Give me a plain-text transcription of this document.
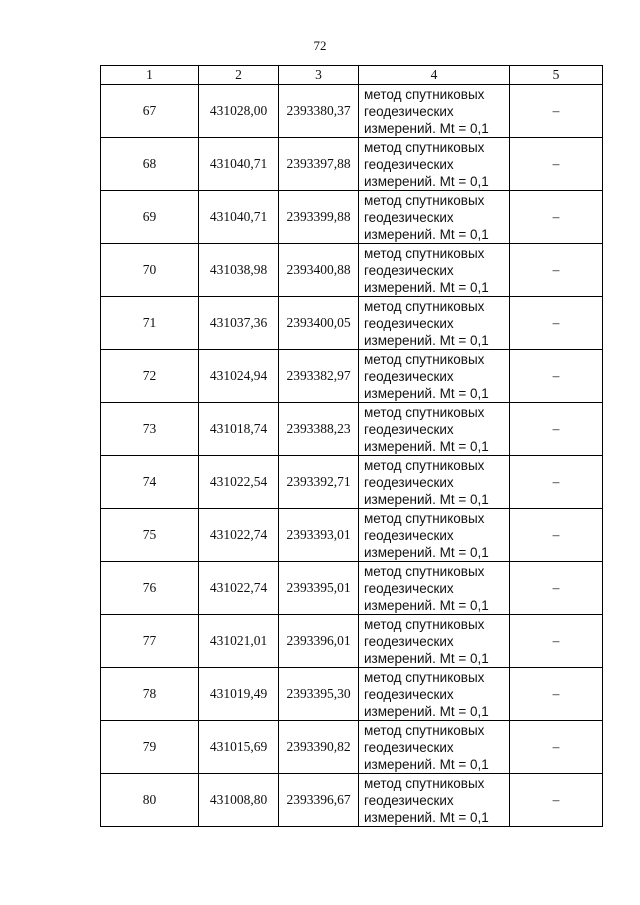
72
1	2	3	4	5
67	431028,00	2393380,37	метод спутниковых
геодезических
измерений. Mt = 0,1	–
68	431040,71	2393397,88	метод спутниковых
геодезических
измерений. Mt = 0,1	–
69	431040,71	2393399,88	метод спутниковых
геодезических
измерений. Mt = 0,1	–
70	431038,98	2393400,88	метод спутниковых
геодезических
измерений. Mt = 0,1	–
71	431037,36	2393400,05	метод спутниковых
геодезических
измерений. Mt = 0,1	–
72	431024,94	2393382,97	метод спутниковых
геодезических
измерений. Mt = 0,1	–
73	431018,74	2393388,23	метод спутниковых
геодезических
измерений. Mt = 0,1	–
74	431022,54	2393392,71	метод спутниковых
геодезических
измерений. Mt = 0,1	–
75	431022,74	2393393,01	метод спутниковых
геодезических
измерений. Mt = 0,1	–
76	431022,74	2393395,01	метод спутниковых
геодезических
измерений. Mt = 0,1	–
77	431021,01	2393396,01	метод спутниковых
геодезических
измерений. Mt = 0,1	–
78	431019,49	2393395,30	метод спутниковых
геодезических
измерений. Mt = 0,1	–
79	431015,69	2393390,82	метод спутниковых
геодезических
измерений. Mt = 0,1	–
80	431008,80	2393396,67	метод спутниковых
геодезических
измерений. Mt = 0,1	–
